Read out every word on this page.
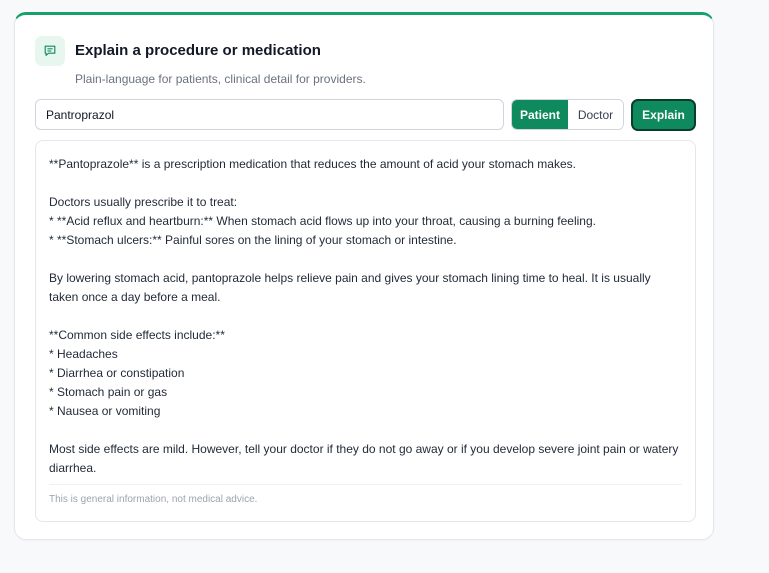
Explain a procedure or medication
Plain-language for patients, clinical detail for providers.
Pantroprazol
Patient	Doctor	Explain
**Pantoprazole** is a prescription medication that reduces the amount of acid your stomach makes.
Doctors usually prescribe it to treat:
* **Acid reflux and heartburn:** When stomach acid flows up into your throat, causing a burning feeling.
* **Stomach ulcers:** Painful sores on the lining of your stomach or intestine.
By lowering stomach acid, pantoprazole helps relieve pain and gives your stomach lining time to heal. It is usually taken once a day before a meal.
**Common side effects include:**
* Headaches
* Diarrhea or constipation
* Stomach pain or gas
* Nausea or vomiting
Most side effects are mild. However, tell your doctor if they do not go away or if you develop severe joint pain or watery diarrhea.
This is general information, not medical advice.
